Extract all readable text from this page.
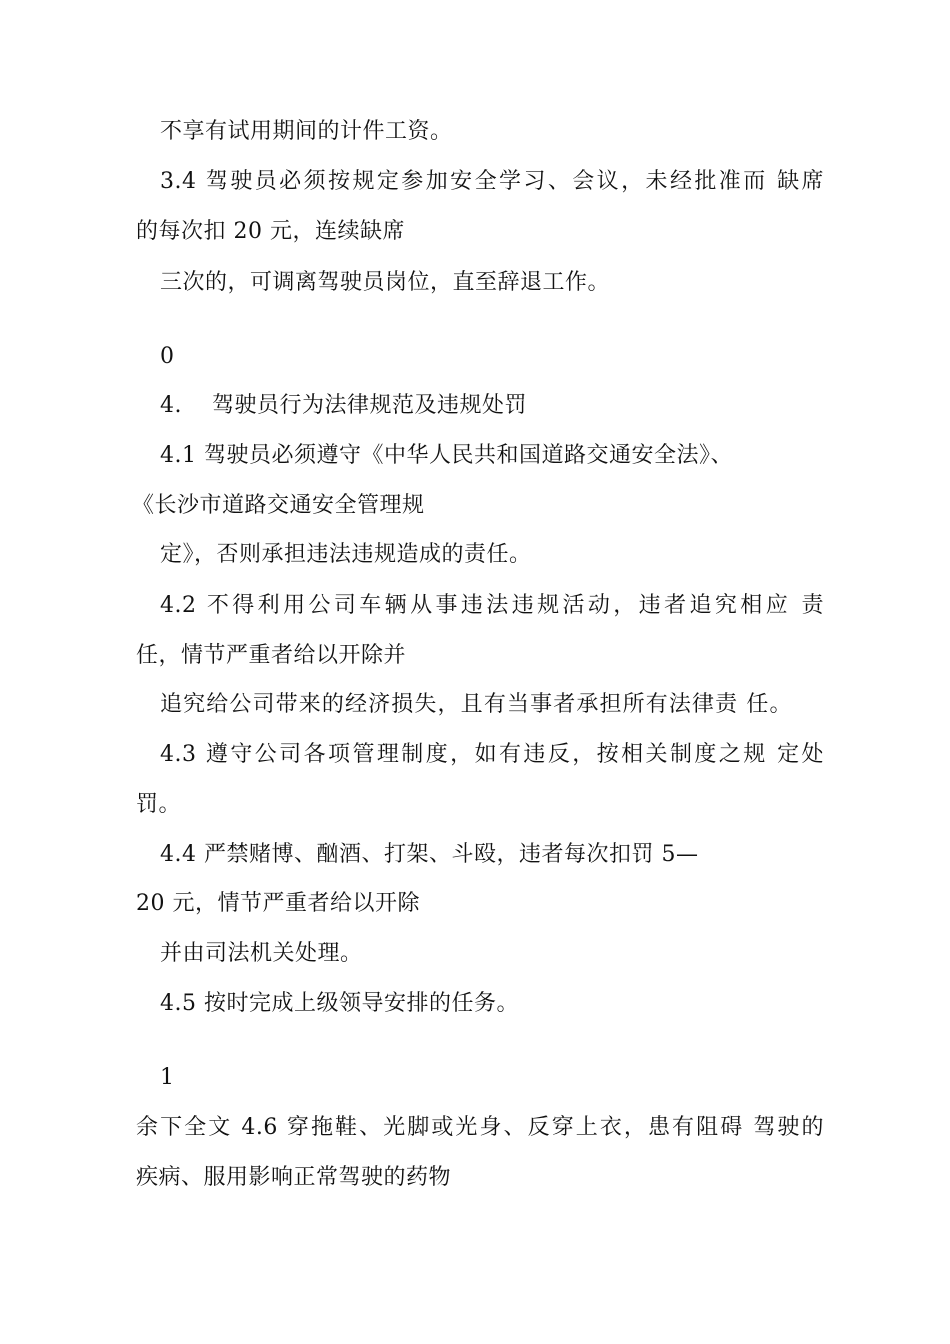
不享有试用期间的计件工资。
3.4 驾驶员必须按规定参加安全学习、会议，未经批准而 缺席
的每次扣 20 元，连续缺席
三次的，可调离驾驶员岗位，直至辞退工作。
0
4.　 驾驶员行为法律规范及违规处罚
4.1 驾驶员必须遵守《中华人民共和国道路交通安全法》、
《长沙市道路交通安全管理规
定》，否则承担违法违规造成的责任。
4.2 不得利用公司车辆从事违法违规活动，违者追究相应 责
任，情节严重者给以开除并
追究给公司带来的经济损失，且有当事者承担所有法律责 任。
4.3 遵守公司各项管理制度，如有违反，按相关制度之规 定处
罚。
4.4 严禁赌博、酗酒、打架、斗殴，违者每次扣罚 5—
20 元，情节严重者给以开除
并由司法机关处理。
4.5 按时完成上级领导安排的任务。
1
余下全文 4.6 穿拖鞋、光脚或光身、反穿上衣，患有阻碍 驾驶的
疾病、服用影响正常驾驶的药物
